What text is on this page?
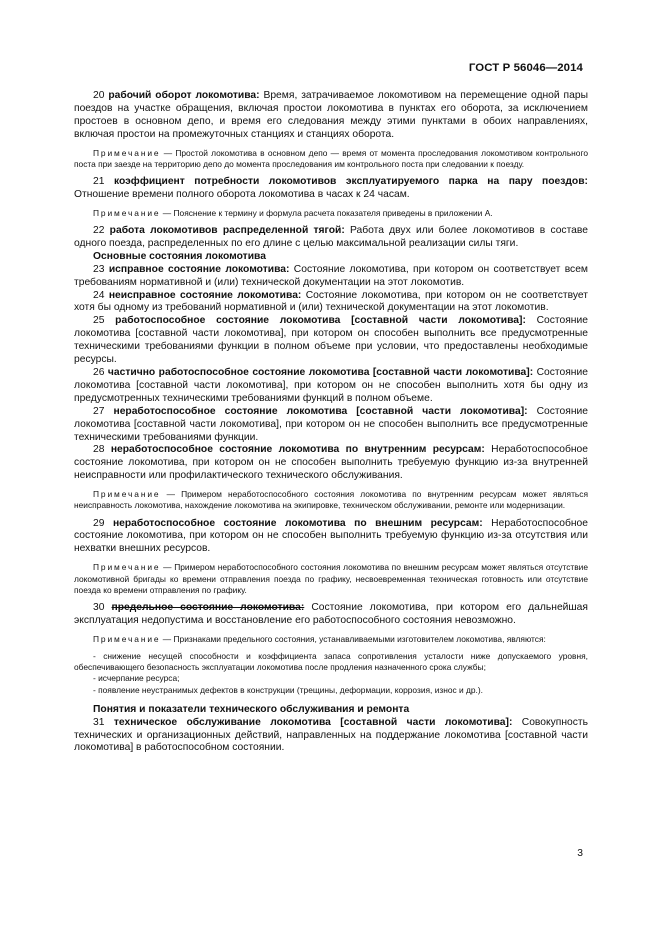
ГОСТ Р 56046—2014

20 рабочий оборот локомотива: Время, затрачиваемое локомотивом на перемещение одной пары поездов на участке обращения, включая простои локомотива в пунктах его оборота, за исключением простоев в основном депо, и время его следования между этими пунктами в обоих направлениях, включая простои на промежуточных станциях и станциях оборота.

Примечание — Простой локомотива в основном депо — время от момента проследования локомотивом контрольного поста при заезде на территорию депо до момента проследования им контрольного поста при следовании к поезду.

21 коэффициент потребности локомотивов эксплуатируемого парка на пару поездов: Отношение времени полного оборота локомотива в часах к 24 часам.

Примечание — Пояснение к термину и формула расчета показателя приведены в приложении А.

22 работа локомотивов распределенной тягой: Работа двух или более локомотивов в составе одного поезда, распределенных по его длине с целью максимальной реализации силы тяги.

Основные состояния локомотива

23 исправное состояние локомотива: Состояние локомотива, при котором он соответствует всем требованиям нормативной и (или) технической документации на этот локомотив.

24 неисправное состояние локомотива: Состояние локомотива, при котором он не соответствует хотя бы одному из требований нормативной и (или) технической документации на этот локомотив.

25 работоспособное состояние локомотива [составной части локомотива]: Состояние локомотива [составной части локомотива], при котором он способен выполнить все предусмотренные техническими требованиями функции в полном объеме при условии, что предоставлены необходимые ресурсы.

26 частично работоспособное состояние локомотива [составной части локомотива]: Состояние локомотива [составной части локомотива], при котором он не способен выполнить хотя бы одну из предусмотренных техническими требованиями функций в полном объеме.

27 неработоспособное состояние локомотива [составной части локомотива]: Состояние локомотива [составной части локомотива], при котором он не способен выполнить все предусмотренные техническими требованиями функции.

28 неработоспособное состояние локомотива по внутренним ресурсам: Неработоспособное состояние локомотива, при котором он не способен выполнить требуемую функцию из-за внутренней неисправности или профилактического технического обслуживания.

Примечание — Примером неработоспособного состояния локомотива по внутренним ресурсам может являться неисправность локомотива, нахождение локомотива на экипировке, техническом обслуживании, ремонте или модернизации.

29 неработоспособное состояние локомотива по внешним ресурсам: Неработоспособное состояние локомотива, при котором он не способен выполнить требуемую функцию из-за отсутствия или нехватки внешних ресурсов.

Примечание — Примером неработоспособного состояния локомотива по внешним ресурсам может являться отсутствие локомотивной бригады ко времени отправления поезда по графику, несвоевременная техническая готовность или отсутствие поезда ко времени отправления по графику.

30 предельное состояние локомотива: Состояние локомотива, при котором его дальнейшая эксплуатация недопустима и восстановление его работоспособного состояния невозможно.

Примечание — Признаками предельного состояния, устанавливаемыми изготовителем локомотива, являются:

- снижение несущей способности и коэффициента запаса сопротивления усталости ниже допускаемого уровня, обеспечивающего безопасность эксплуатации локомотива после продления назначенного срока службы;

- исчерпание ресурса;

- появление неустранимых дефектов в конструкции (трещины, деформации, коррозия, износ и др.).

Понятия и показатели технического обслуживания и ремонта

31 техническое обслуживание локомотива [составной части локомотива]: Совокупность технических и организационных действий, направленных на поддержание локомотива [составной части локомотива] в работоспособном состоянии.

3
